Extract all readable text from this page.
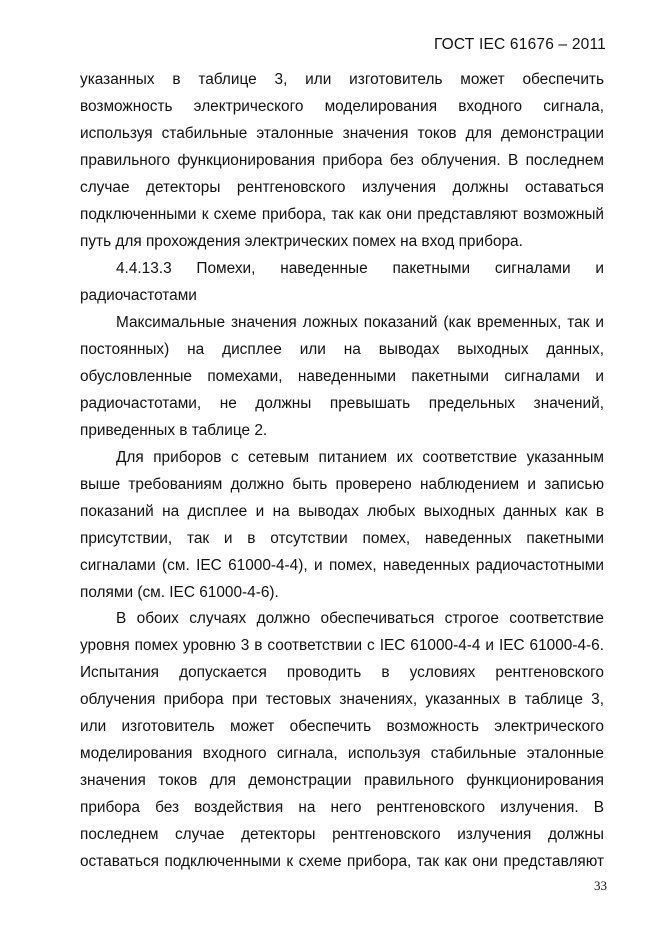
ГОСТ IEC 61676 – 2011
указанных в таблице 3, или изготовитель может обеспечить
возможность электрического моделирования входного сигнала,
используя стабильные эталонные значения токов для демонстрации
правильного функционирования прибора без облучения. В последнем
случае детекторы рентгеновского излучения должны оставаться
подключенными к схеме прибора, так как они представляют возможный
путь для прохождения электрических помех на вход прибора.
4.4.13.3 Помехи, наведенные пакетными сигналами и
радиочастотами
Максимальные значения ложных показаний (как временных, так и
постоянных) на дисплее или на выводах выходных данных,
обусловленные помехами, наведенными пакетными сигналами и
радиочастотами, не должны превышать предельных значений,
приведенных в таблице 2.
Для приборов с сетевым питанием их соответствие указанным
выше требованиям должно быть проверено наблюдением и записью
показаний на дисплее и на выводах любых выходных данных как в
присутствии, так и в отсутствии помех, наведенных пакетными
сигналами (см. IEC 61000-4-4), и помех, наведенных радиочастотными
полями (см. IEC 61000-4-6).
В обоих случаях должно обеспечиваться строгое соответствие
уровня помех уровню 3 в соответствии с IEC 61000-4-4 и IEC 61000-4-6.
Испытания допускается проводить в условиях рентгеновского
облучения прибора при тестовых значениях, указанных в таблице 3,
или изготовитель может обеспечить возможность электрического
моделирования входного сигнала, используя стабильные эталонные
значения токов для демонстрации правильного функционирования
прибора без воздействия на него рентгеновского излучения. В
последнем случае детекторы рентгеновского излучения должны
оставаться подключенными к схеме прибора, так как они представляют
33
